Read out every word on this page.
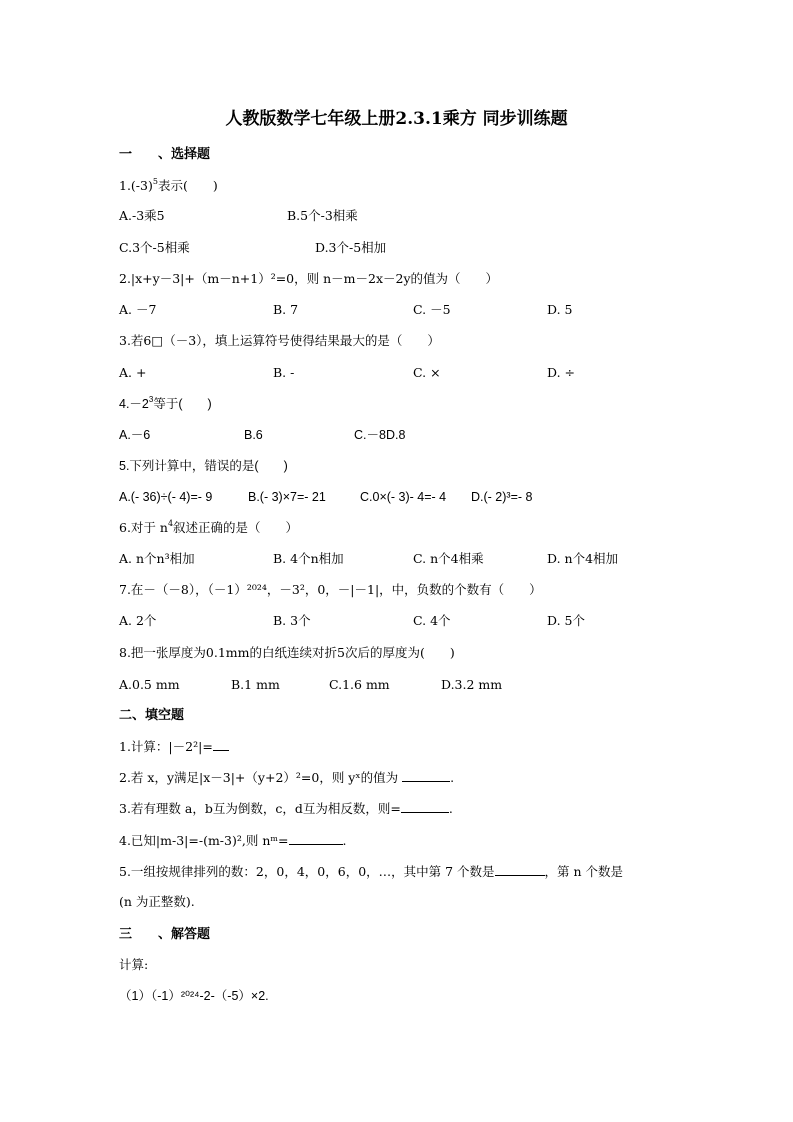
人教版数学七年级上册2.3.1乘方 同步训练题
一　　、选择题
$1.(-3)^5$表示(　　)
A.-3乘5	B.5个-3相乘
C.3个-5相乘	D.3个-5相加
2.|x+y－3|+（m－n+1）²=0，则 n－m－2x－2y的值为（　　）
A. －7	B. 7	C. －5	D. 5
3.若6□（－3），填上运算符号使得结果最大的是（　　）
A. +	B. -	C. ×	D. ÷
$4.-2^3$等于(　　)
A.－6	B.6	C.－8D.8
5.下列计算中，错误的是(　　)
A.(- 36)÷(- 4)=- 9	B.(- 3)×7=- 21	C.0×(- 3)- 4=- 4 D.(- 2)³=- 8
6.对于 $n^4$叙述正确的是（　　）
A. n个n³相加	B. 4个n相加	C. n个4相乘	D. n个4相加
7.在－（－8），（－1）²⁰²⁴，－3²，0，－|－1|，中，负数的个数有（　　）
A. 2个	B. 3个	C. 4个	D. 5个
8.把一张厚度为0.1mm的白纸连续对折5次后的厚度为(　　)
A.0.5 mm	B.1 mm	C.1.6 mm	D.3.2 mm
二、填空题
1.计算：|－2²|=
2.若 x，y满足|x－3|+（y+2）²=0，则 yˣ的值为	.
3.若有理数 a，b互为倒数，c，d互为相反数，则=	.
4.已知|m-3|=-(m-3)²,则 nᵐ=	.
5.一组按规律排列的数：2，0，4，0，6，0，…，其中第 7 个数是	，第 n 个数是
(n 为正整数).
三　　、解答题
计算:
（1）（-1）²⁰²⁴-2-（-5）×2.
